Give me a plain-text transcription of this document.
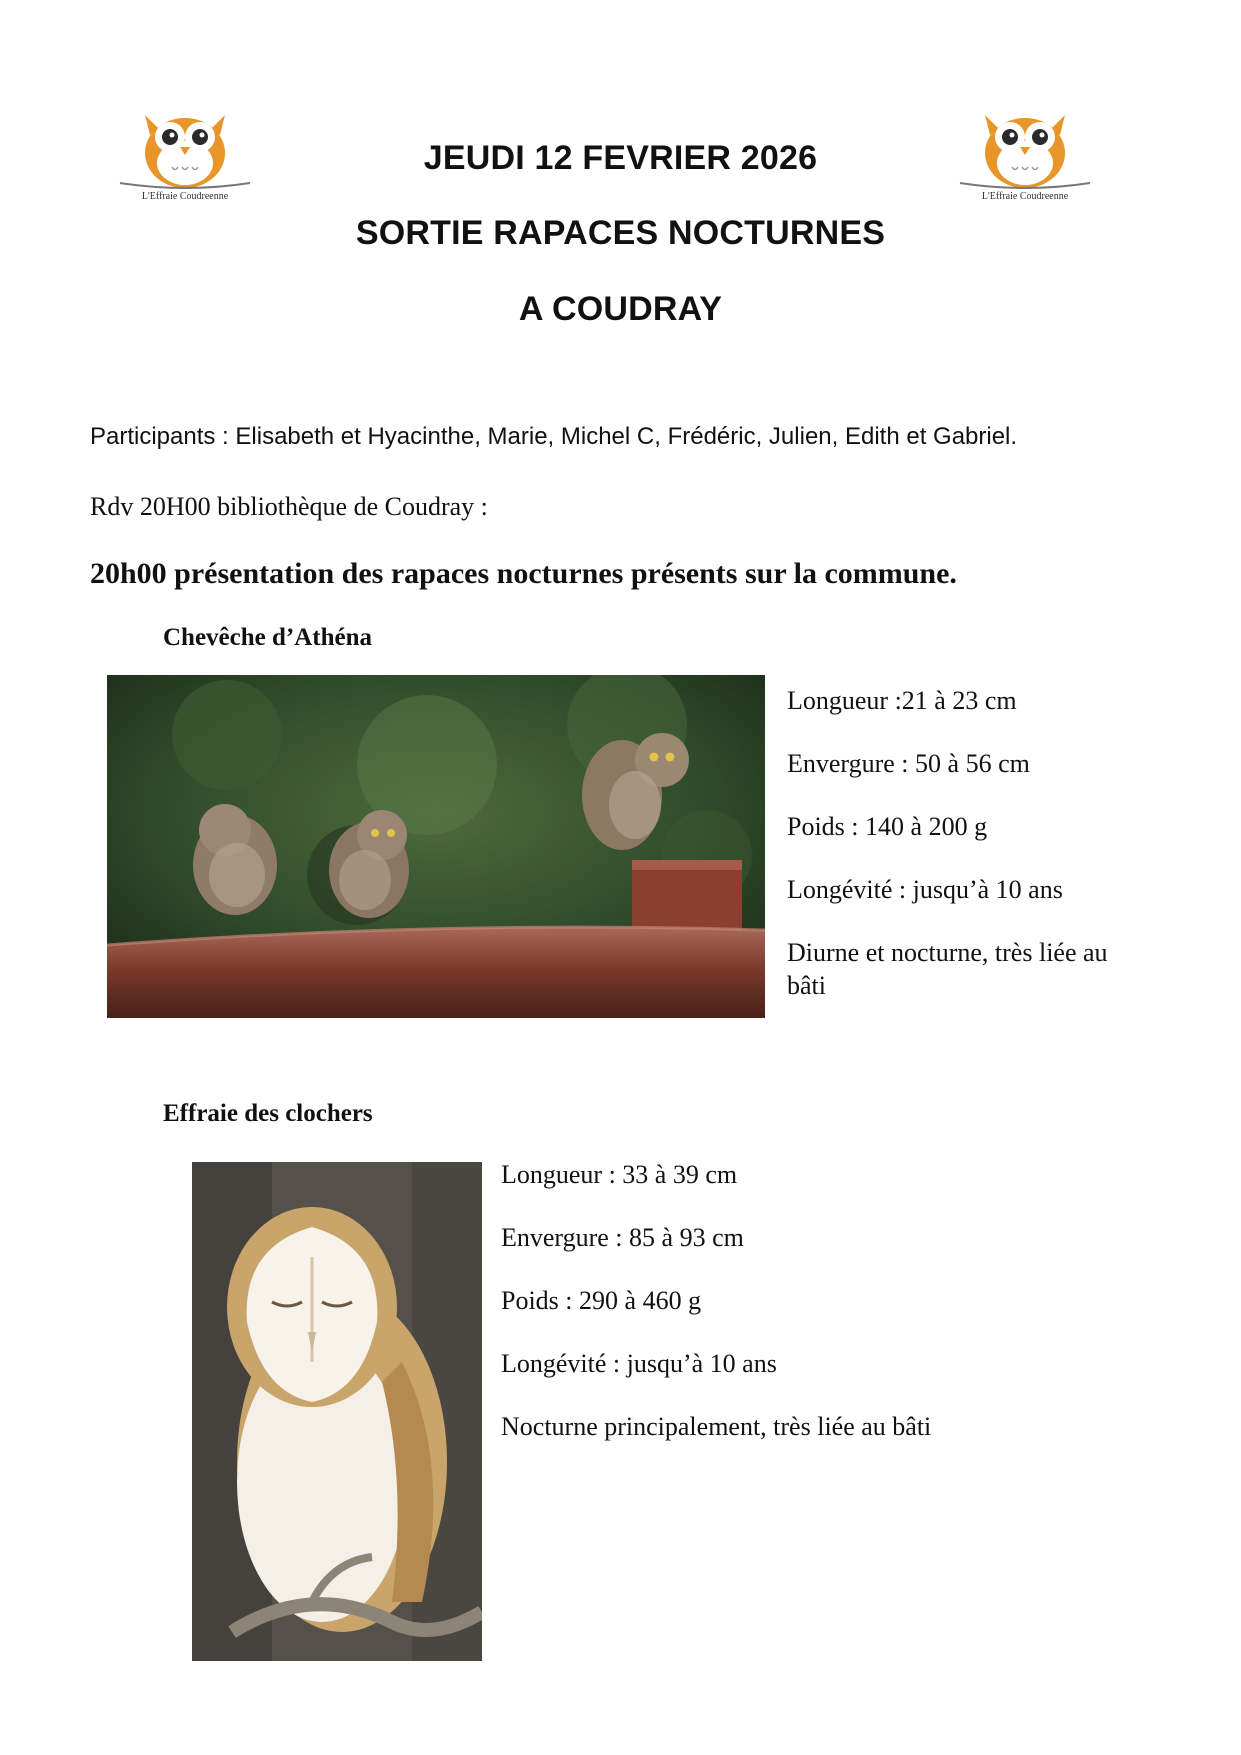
L'Effraie Coudreenne	L'Effraie Coudreenne
JEUDI 12 FEVRIER 2026
SORTIE RAPACES NOCTURNES
A COUDRAY
Participants : Elisabeth et Hyacinthe, Marie, Michel C, Frédéric, Julien, Edith et Gabriel.
Rdv 20H00 bibliothèque de Coudray :
20h00 présentation des rapaces nocturnes présents sur la commune.
Chevêche d’Athéna
Longueur :21 à 23 cm
Envergure : 50 à 56 cm
Poids : 140 à 200 g
Longévité : jusqu’à 10 ans
Diurne et nocturne, très liée au bâti
Effraie des clochers
Longueur : 33 à 39 cm
Envergure : 85 à 93 cm
Poids : 290 à 460 g
Longévité : jusqu’à 10 ans
Nocturne principalement, très liée au bâti
